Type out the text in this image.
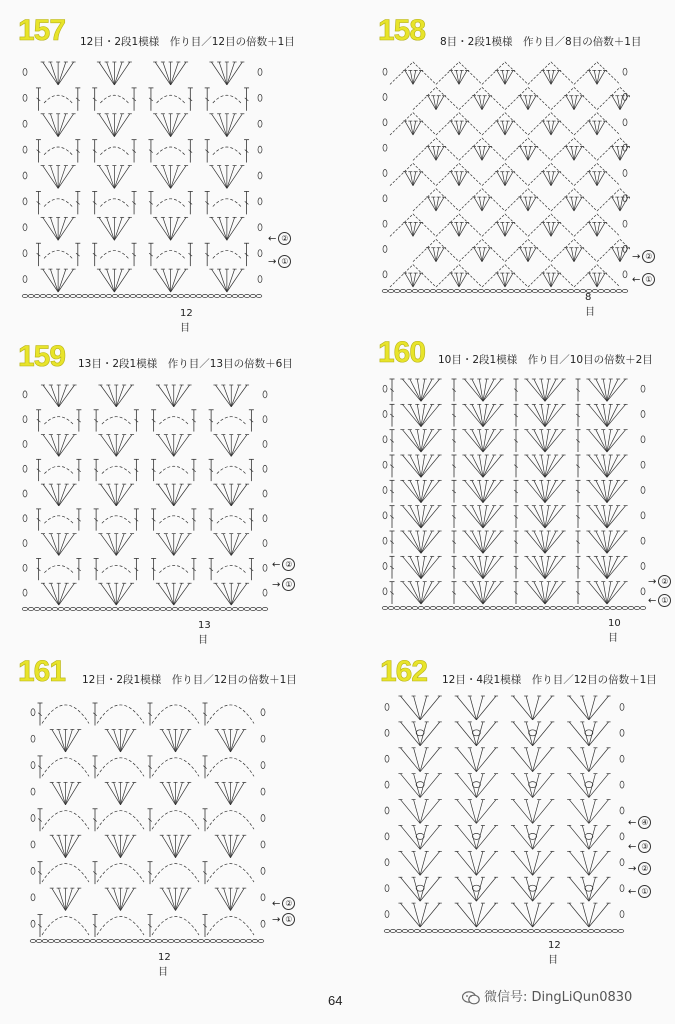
157 12目・2段1模様　作り目／12目の倍数＋1目
← ②
→ ①
12目
158 8目・2段1模様　作り目／8目の倍数＋1目
→ ②
← ①
8目
159 13目・2段1模様　作り目／13目の倍数＋6目
← ②
→ ①
13目
160 10目・2段1模様　作り目／10目の倍数＋2目
→ ②
← ①
10目
161 12目・2段1模様　作り目／12目の倍数＋1目
← ②
→ ①
12目
162 12目・4段1模様　作り目／12目の倍数＋1目
← ④
← ③
→ ②
← ①
12目
64	微信号: DingLiQun0830
